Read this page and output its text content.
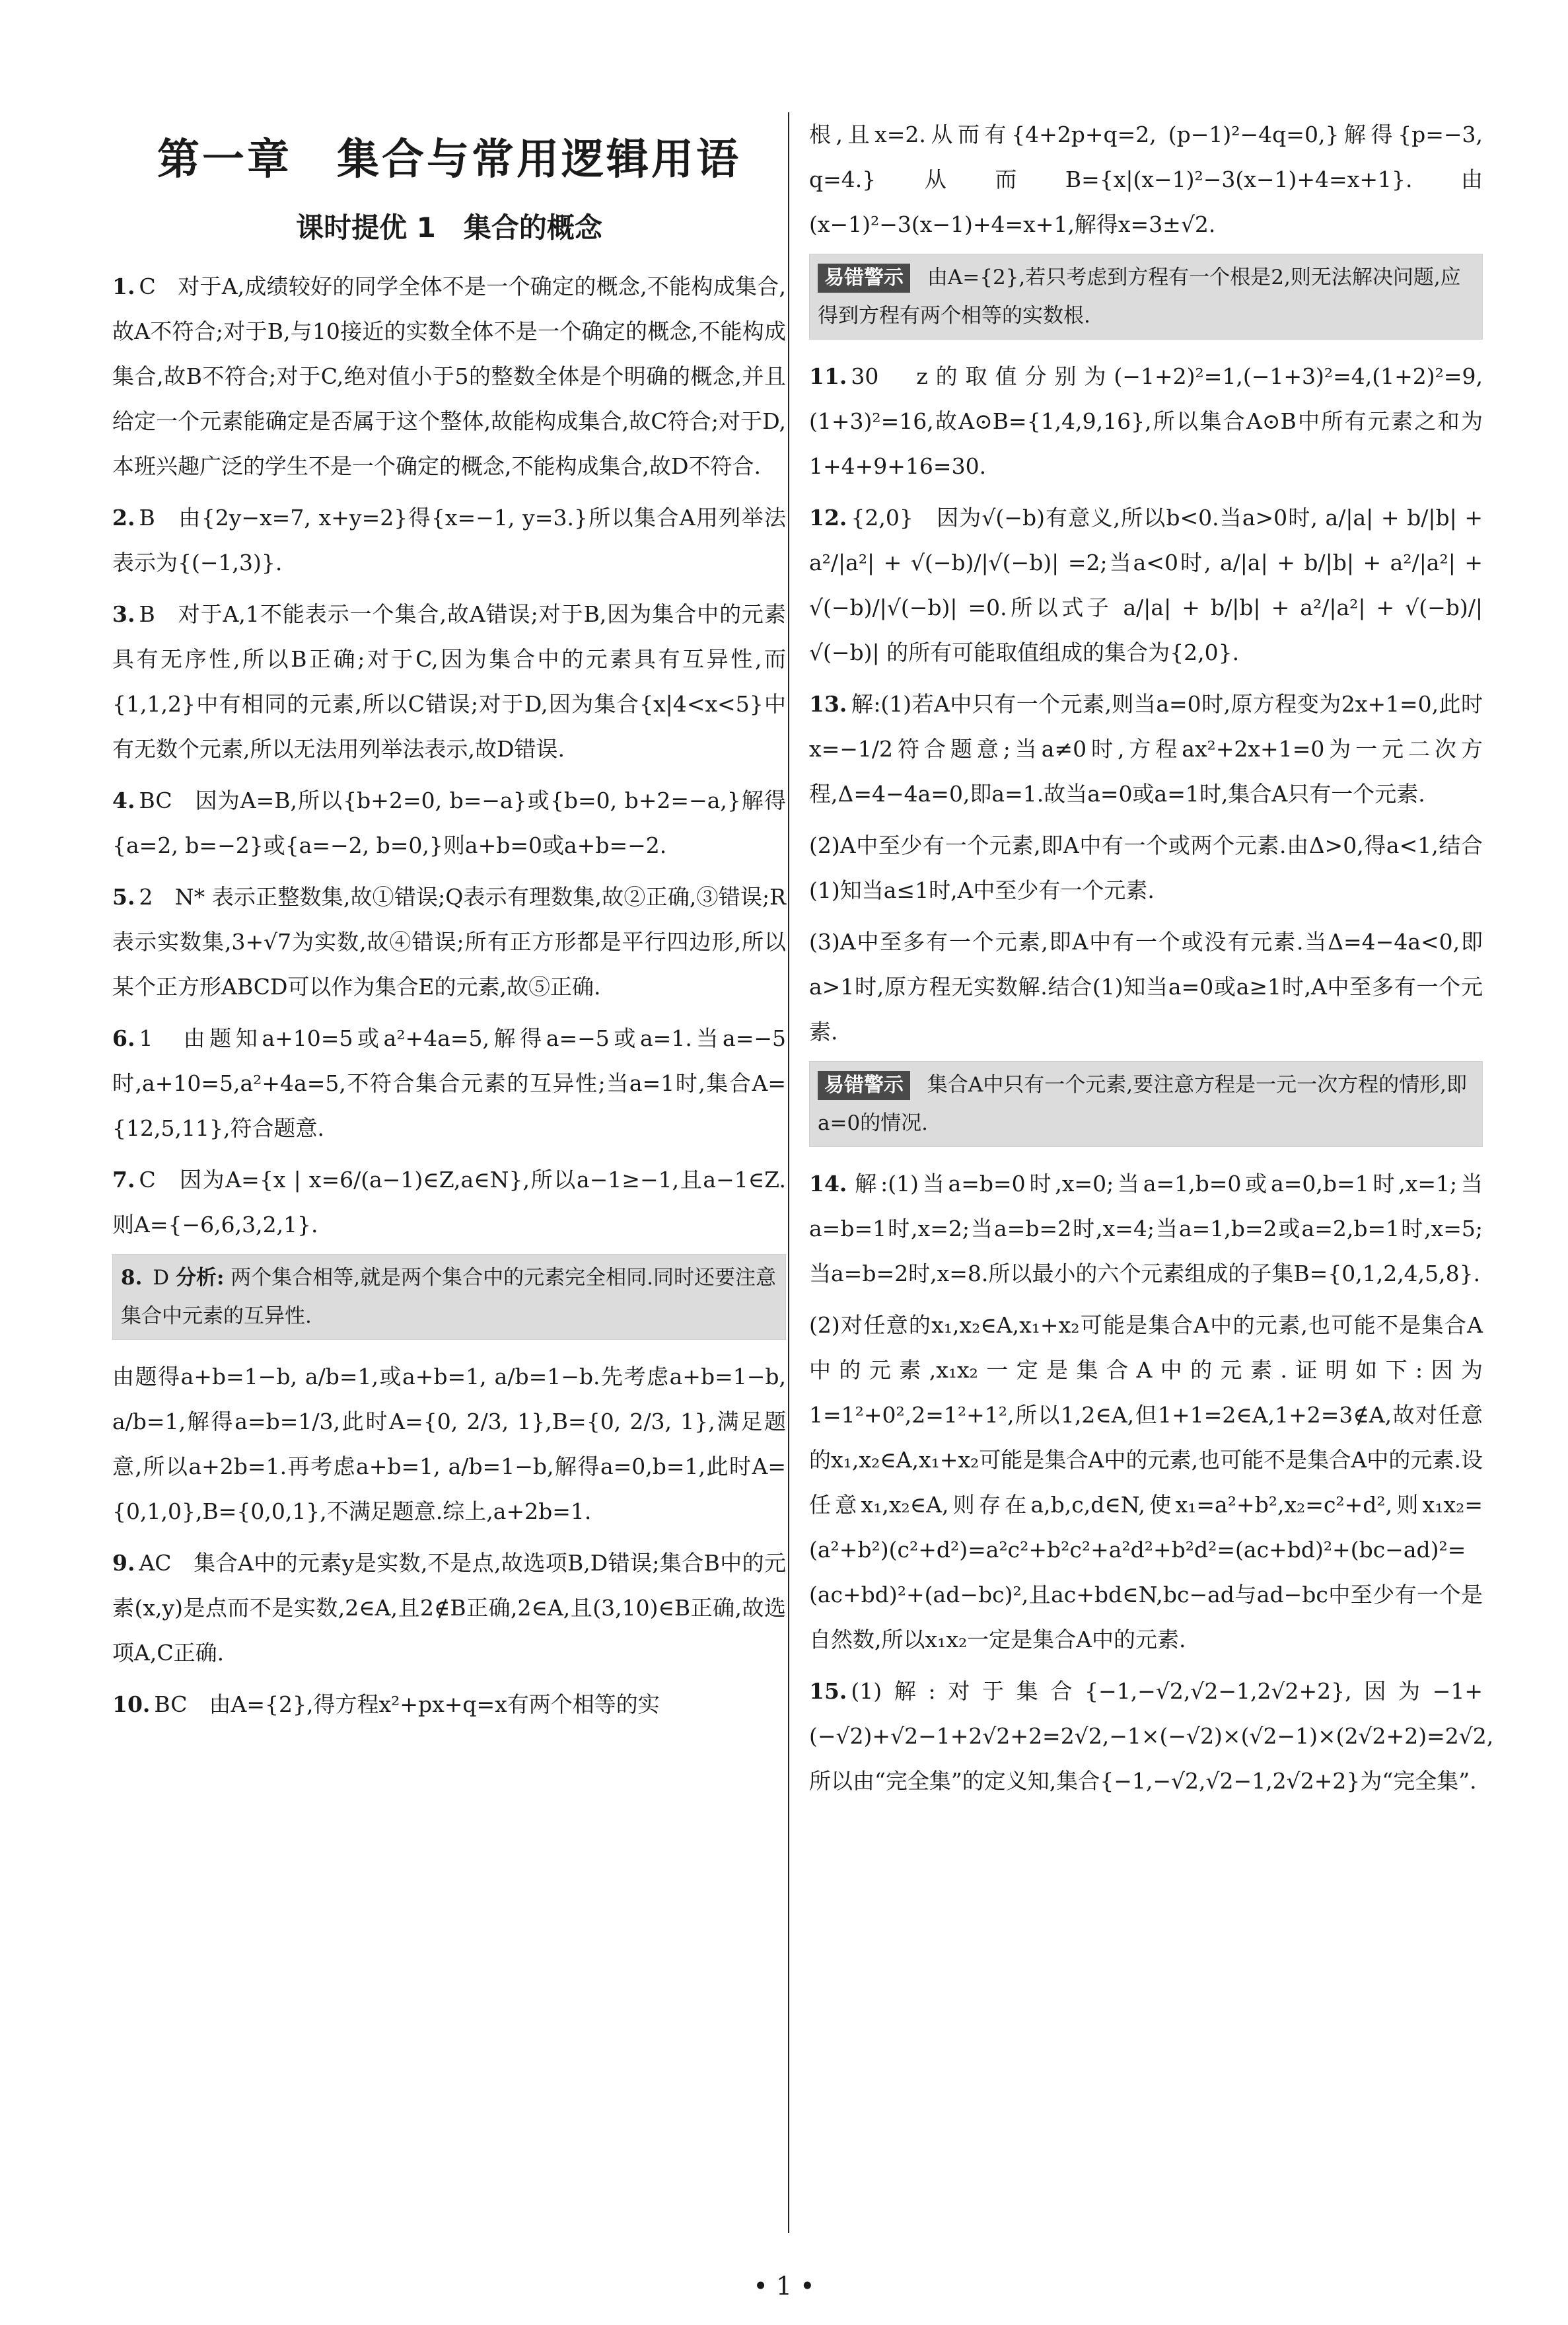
第一章　集合与常用逻辑用语
课时提优 1　集合的概念
1. C　对于A,成绩较好的同学全体不是一个确定的概念,不能构成集合,故A不符合;对于B,与10接近的实数全体不是一个确定的概念,不能构成集合,故B不符合;对于C,绝对值小于5的整数全体是个明确的概念,并且给定一个元素能确定是否属于这个整体,故能构成集合,故C符合;对于D,本班兴趣广泛的学生不是一个确定的概念,不能构成集合,故D不符合.
2. B　由{2y−x=7, x+y=2}得{x=−1, y=3.}所以集合A用列举法表示为{(−1,3)}.
3. B　对于A,1不能表示一个集合,故A错误;对于B,因为集合中的元素具有无序性,所以B正确;对于C,因为集合中的元素具有互异性,而{1,1,2}中有相同的元素,所以C错误;对于D,因为集合{x|4<x<5}中有无数个元素,所以无法用列举法表示,故D错误.
4. BC　因为A=B,所以{b+2=0, b=−a}或{b=0, b+2=−a,}解得{a=2, b=−2}或{a=−2, b=0,}则a+b=0或a+b=−2.
5. 2　N* 表示正整数集,故①错误;Q表示有理数集,故②正确,③错误;R表示实数集,3+√7为实数,故④错误;所有正方形都是平行四边形,所以某个正方形ABCD可以作为集合E的元素,故⑤正确.
6. 1　由题知a+10=5或a²+4a=5,解得a=−5或a=1.当a=−5时,a+10=5,a²+4a=5,不符合集合元素的互异性;当a=1时,集合A={12,5,11},符合题意.
7. C　因为A={x | x=6/(a−1)∈Z,a∈N},所以a−1≥−1,且a−1∈Z.则A={−6,6,3,2,1}.
8. D 分析: 两个集合相等,就是两个集合中的元素完全相同.同时还要注意集合中元素的互异性.
由题得a+b=1−b, a/b=1,或a+b=1, a/b=1−b.先考虑a+b=1−b, a/b=1,解得a=b=1/3,此时A={0, 2/3, 1},B={0, 2/3, 1},满足题意,所以a+2b=1.再考虑a+b=1, a/b=1−b,解得a=0,b=1,此时A={0,1,0},B={0,0,1},不满足题意.综上,a+2b=1.
9. AC　集合A中的元素y是实数,不是点,故选项B,D错误;集合B中的元素(x,y)是点而不是实数,2∈A,且2∉B正确,2∈A,且(3,10)∈B正确,故选项A,C正确.
10. BC　由A={2},得方程x²+px+q=x有两个相等的实
根,且x=2.从而有{4+2p+q=2, (p−1)²−4q=0,}解得{p=−3, q=4.}从而B={x|(x−1)²−3(x−1)+4=x+1}.由(x−1)²−3(x−1)+4=x+1,解得x=3±√2.
易错警示 由A={2},若只考虑到方程有一个根是2,则无法解决问题,应得到方程有两个相等的实数根.
11. 30　z的取值分别为(−1+2)²=1,(−1+3)²=4,(1+2)²=9,(1+3)²=16,故A⊙B={1,4,9,16},所以集合A⊙B中所有元素之和为1+4+9+16=30.
12. {2,0}　因为√(−b)有意义,所以b<0.当a>0时, a/|a| + b/|b| + a²/|a²| + √(−b)/|√(−b)| =2;当a<0时, a/|a| + b/|b| + a²/|a²| + √(−b)/|√(−b)| =0.所以式子 a/|a| + b/|b| + a²/|a²| + √(−b)/|√(−b)| 的所有可能取值组成的集合为{2,0}.
13. 解:(1)若A中只有一个元素,则当a=0时,原方程变为2x+1=0,此时x=−1/2符合题意;当a≠0时,方程ax²+2x+1=0为一元二次方程,Δ=4−4a=0,即a=1.故当a=0或a=1时,集合A只有一个元素.
(2)A中至少有一个元素,即A中有一个或两个元素.由Δ>0,得a<1,结合(1)知当a≤1时,A中至少有一个元素.
(3)A中至多有一个元素,即A中有一个或没有元素.当Δ=4−4a<0,即a>1时,原方程无实数解.结合(1)知当a=0或a≥1时,A中至多有一个元素.
易错警示 集合A中只有一个元素,要注意方程是一元一次方程的情形,即a=0的情况.
14. 解:(1)当a=b=0时,x=0;当a=1,b=0或a=0,b=1时,x=1;当a=b=1时,x=2;当a=b=2时,x=4;当a=1,b=2或a=2,b=1时,x=5;当a=b=2时,x=8.所以最小的六个元素组成的子集B={0,1,2,4,5,8}.
(2)对任意的x₁,x₂∈A,x₁+x₂可能是集合A中的元素,也可能不是集合A中的元素,x₁x₂一定是集合A中的元素.证明如下:因为1=1²+0²,2=1²+1²,所以1,2∈A,但1+1=2∈A,1+2=3∉A,故对任意的x₁,x₂∈A,x₁+x₂可能是集合A中的元素,也可能不是集合A中的元素.设任意x₁,x₂∈A,则存在a,b,c,d∈N,使x₁=a²+b²,x₂=c²+d²,则x₁x₂=(a²+b²)(c²+d²)=a²c²+b²c²+a²d²+b²d²=(ac+bd)²+(bc−ad)²=(ac+bd)²+(ad−bc)²,且ac+bd∈N,bc−ad与ad−bc中至少有一个是自然数,所以x₁x₂一定是集合A中的元素.
15. (1)解:对于集合{−1,−√2,√2−1,2√2+2},因为−1+(−√2)+√2−1+2√2+2=2√2,−1×(−√2)×(√2−1)×(2√2+2)=2√2,所以由“完全集”的定义知,集合{−1,−√2,√2−1,2√2+2}为“完全集”.
• 1 •
